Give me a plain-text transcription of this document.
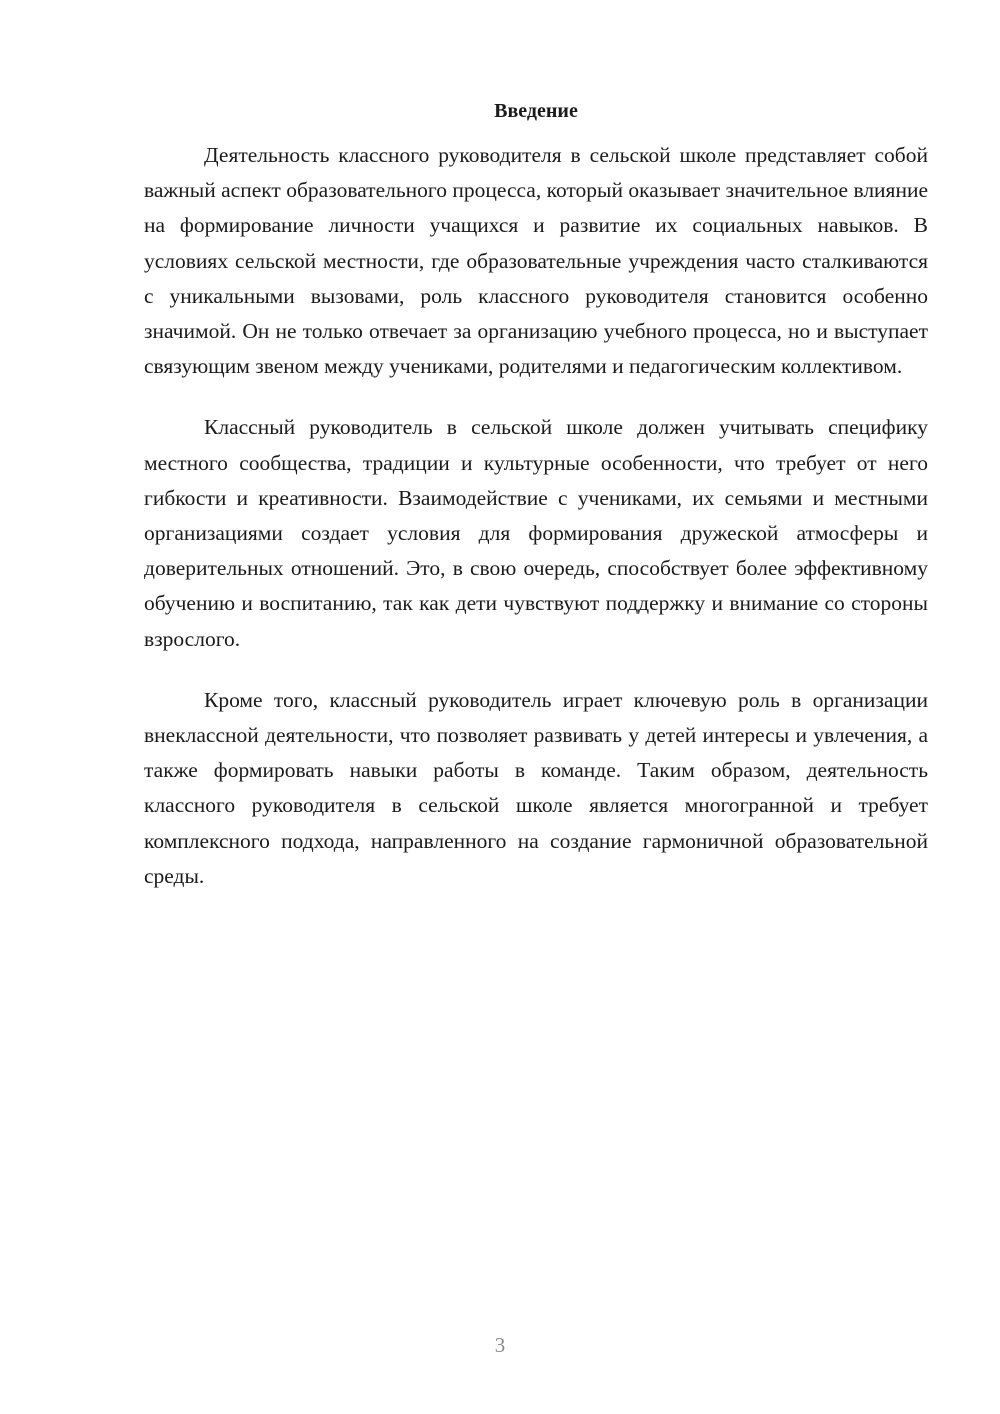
Введение

Деятельность классного руководителя в сельской школе представляет собой важный аспект образовательного процесса, который оказывает значительное влияние на формирование личности учащихся и развитие их социальных навыков. В условиях сельской местности, где образовательные учреждения часто сталкиваются с уникальными вызовами, роль классного руководителя становится особенно значимой. Он не только отвечает за организацию учебного процесса, но и выступает связующим звеном между учениками, родителями и педагогическим коллективом.

Классный руководитель в сельской школе должен учитывать специфику местного сообщества, традиции и культурные особенности, что требует от него гибкости и креативности. Взаимодействие с учениками, их семьями и местными организациями создает условия для формирования дружеской атмосферы и доверительных отношений. Это, в свою очередь, способствует более эффективному обучению и воспитанию, так как дети чувствуют поддержку и внимание со стороны взрослого.

Кроме того, классный руководитель играет ключевую роль в организации внеклассной деятельности, что позволяет развивать у детей интересы и увлечения, а также формировать навыки работы в команде. Таким образом, деятельность классного руководителя в сельской школе является многогранной и требует комплексного подхода, направленного на создание гармоничной образовательной среды.

3
